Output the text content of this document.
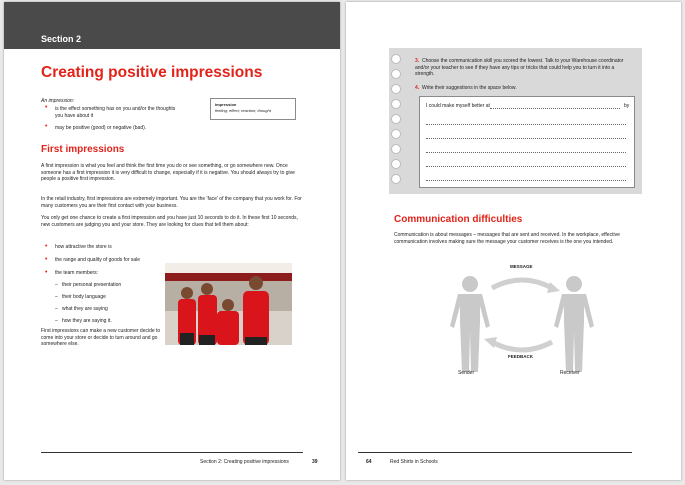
Section 2
Creating positive impressions
An impression:
• is the effect something has on you and/or the thoughts you have about it
• may be positive (good) or negative (bad).
impression
feeling; effect; reaction; thought
First impressions
A first impression is what you feel and think the first time you do or see something, or go somewhere new. Once someone has a first impression it is very difficult to change, especially if it is negative. You should always try to give people a positive first impression.
In the retail industry, first impressions are extremely important. You are the 'face' of the company that you work for. For many customers you are their first contact with your business.
You only get one chance to create a first impression and you have just 10 seconds to do it. In these first 10 seconds, new customers are judging you and your store. They are looking for clues that tell them about:
• how attractive the store is
• the range and quality of goods for sale
• the team members:
–   their personal presentation
–   their body language
–   what they are saying
–   how they are saying it.
First impressions can make a new customer decide to come into your store or decide to turn around and go somewhere else.
Section 2: Creating positive impressions	39
3. Choose the communication skill you scored the lowest. Talk to your Warehouse coordinator and/or your teacher to see if they have any tips or tricks that could help you to turn it into a strength.
4. Write their suggestions in the space below.
I could make myself better at	by
Communication difficulties
Communication is about messages – messages that are sent and received. In the workplace, effective communication involves making sure the message your customer receives is the one you intended.
MESSAGE
FEEDBACK
Sender	Receiver
64	Red Shirts in Schools
